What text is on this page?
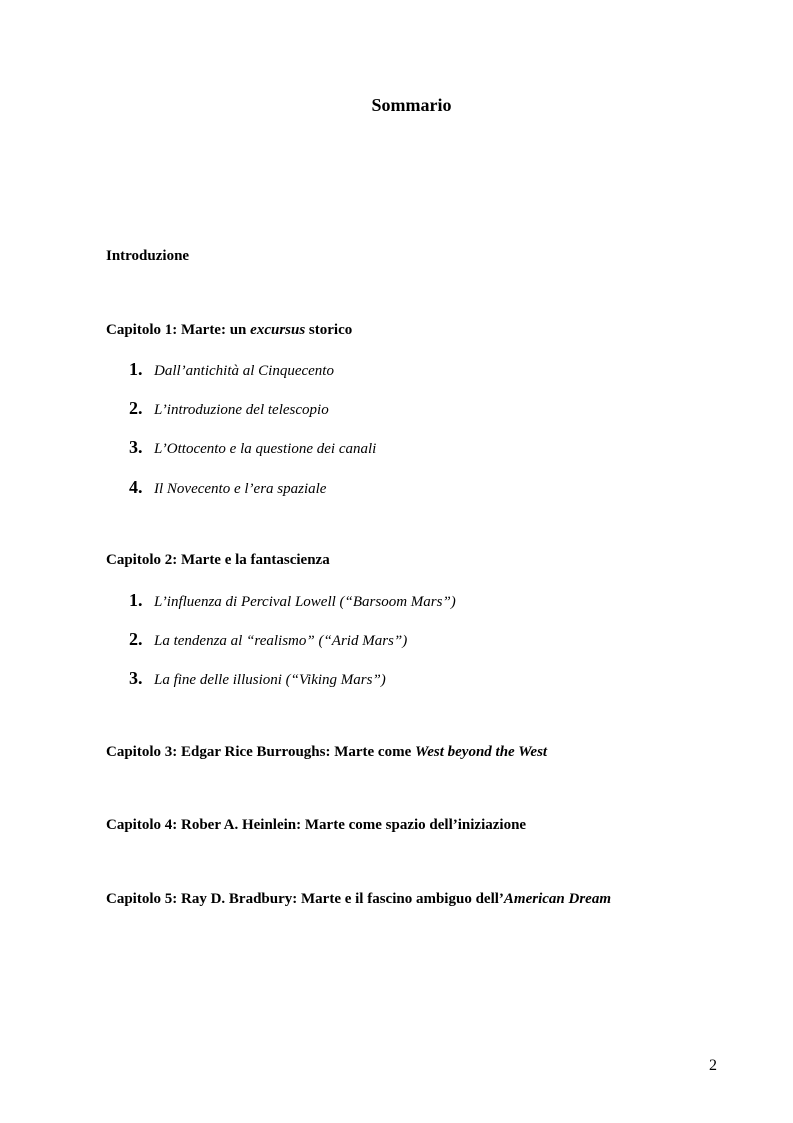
Sommario
Introduzione
Capitolo 1: Marte: un excursus storico
1. Dall’antichità al Cinquecento
2. L’introduzione del telescopio
3. L’Ottocento e la questione dei canali
4. Il Novecento e l’era spaziale
Capitolo 2: Marte e la fantascienza
1. L’influenza di Percival Lowell (“Barsoom Mars”)
2. La tendenza al “realismo” (“Arid Mars”)
3. La fine delle illusioni (“Viking Mars”)
Capitolo 3: Edgar Rice Burroughs: Marte come West beyond the West
Capitolo 4: Rober A. Heinlein: Marte come spazio dell’iniziazione
Capitolo 5: Ray D. Bradbury: Marte e il fascino ambiguo dell’American Dream
2
